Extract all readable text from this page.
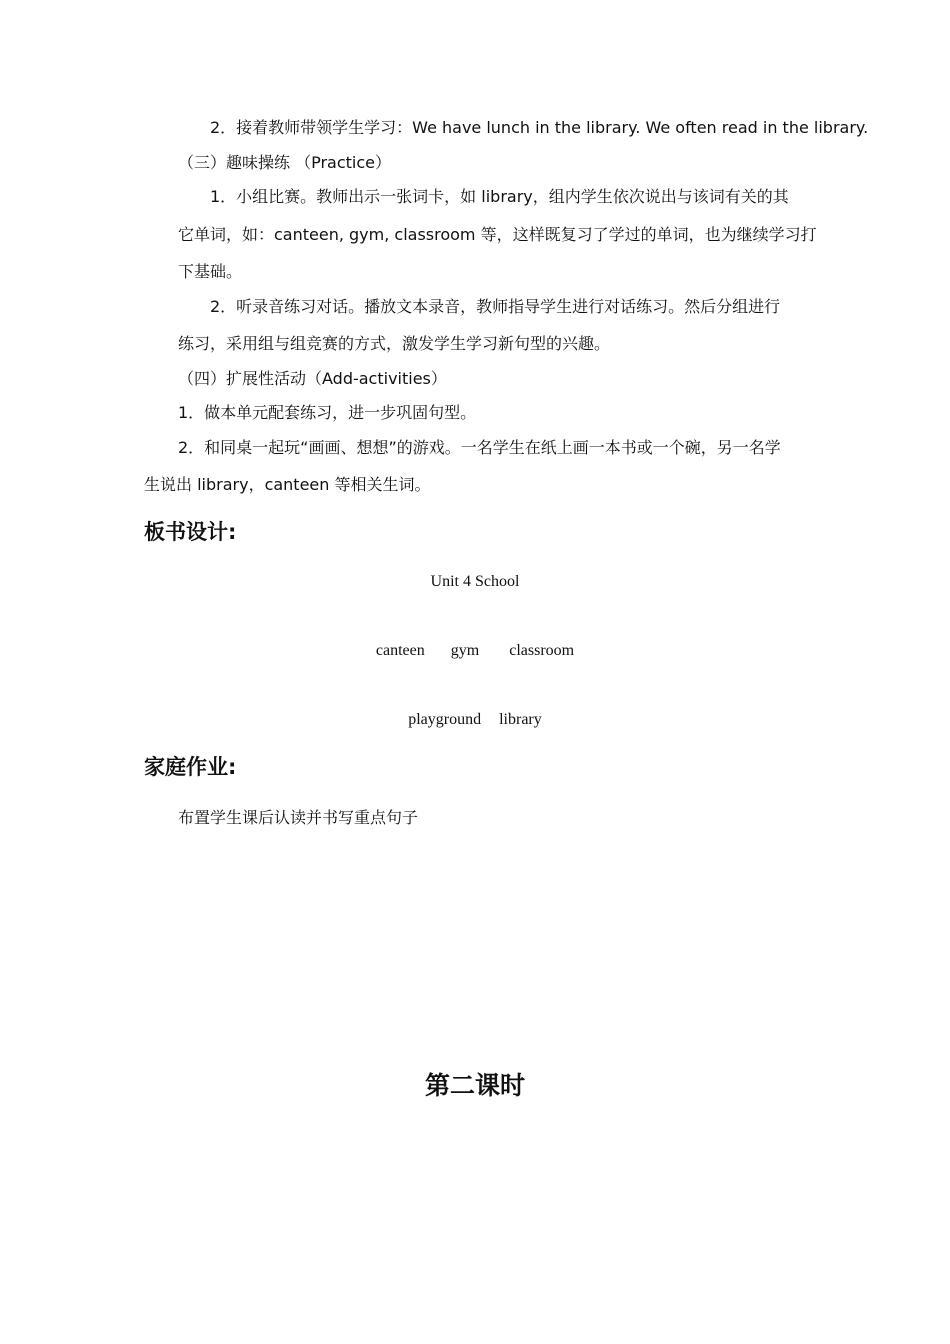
2．接着教师带领学生学习：We have lunch in the library. We often read in the library.
（三）趣味操练 （Practice）
1．小组比赛。教师出示一张词卡，如 library，组内学生依次说出与该词有关的其
它单词，如：canteen, gym, classroom 等，这样既复习了学过的单词，也为继续学习打
下基础。
2．听录音练习对话。播放文本录音，教师指导学生进行对话练习。然后分组进行
练习，采用组与组竞赛的方式，激发学生学习新句型的兴趣。
（四）扩展性活动（Add-activities）
1．做本单元配套练习，进一步巩固句型。
2．和同桌一起玩“画画、想想”的游戏。一名学生在纸上画一本书或一个碗，另一名学
生说出 library，canteen 等相关生词。
板书设计:
Unit 4 School
canteen gym classroom
playground library
家庭作业:
布置学生课后认读并书写重点句子
第二课时
